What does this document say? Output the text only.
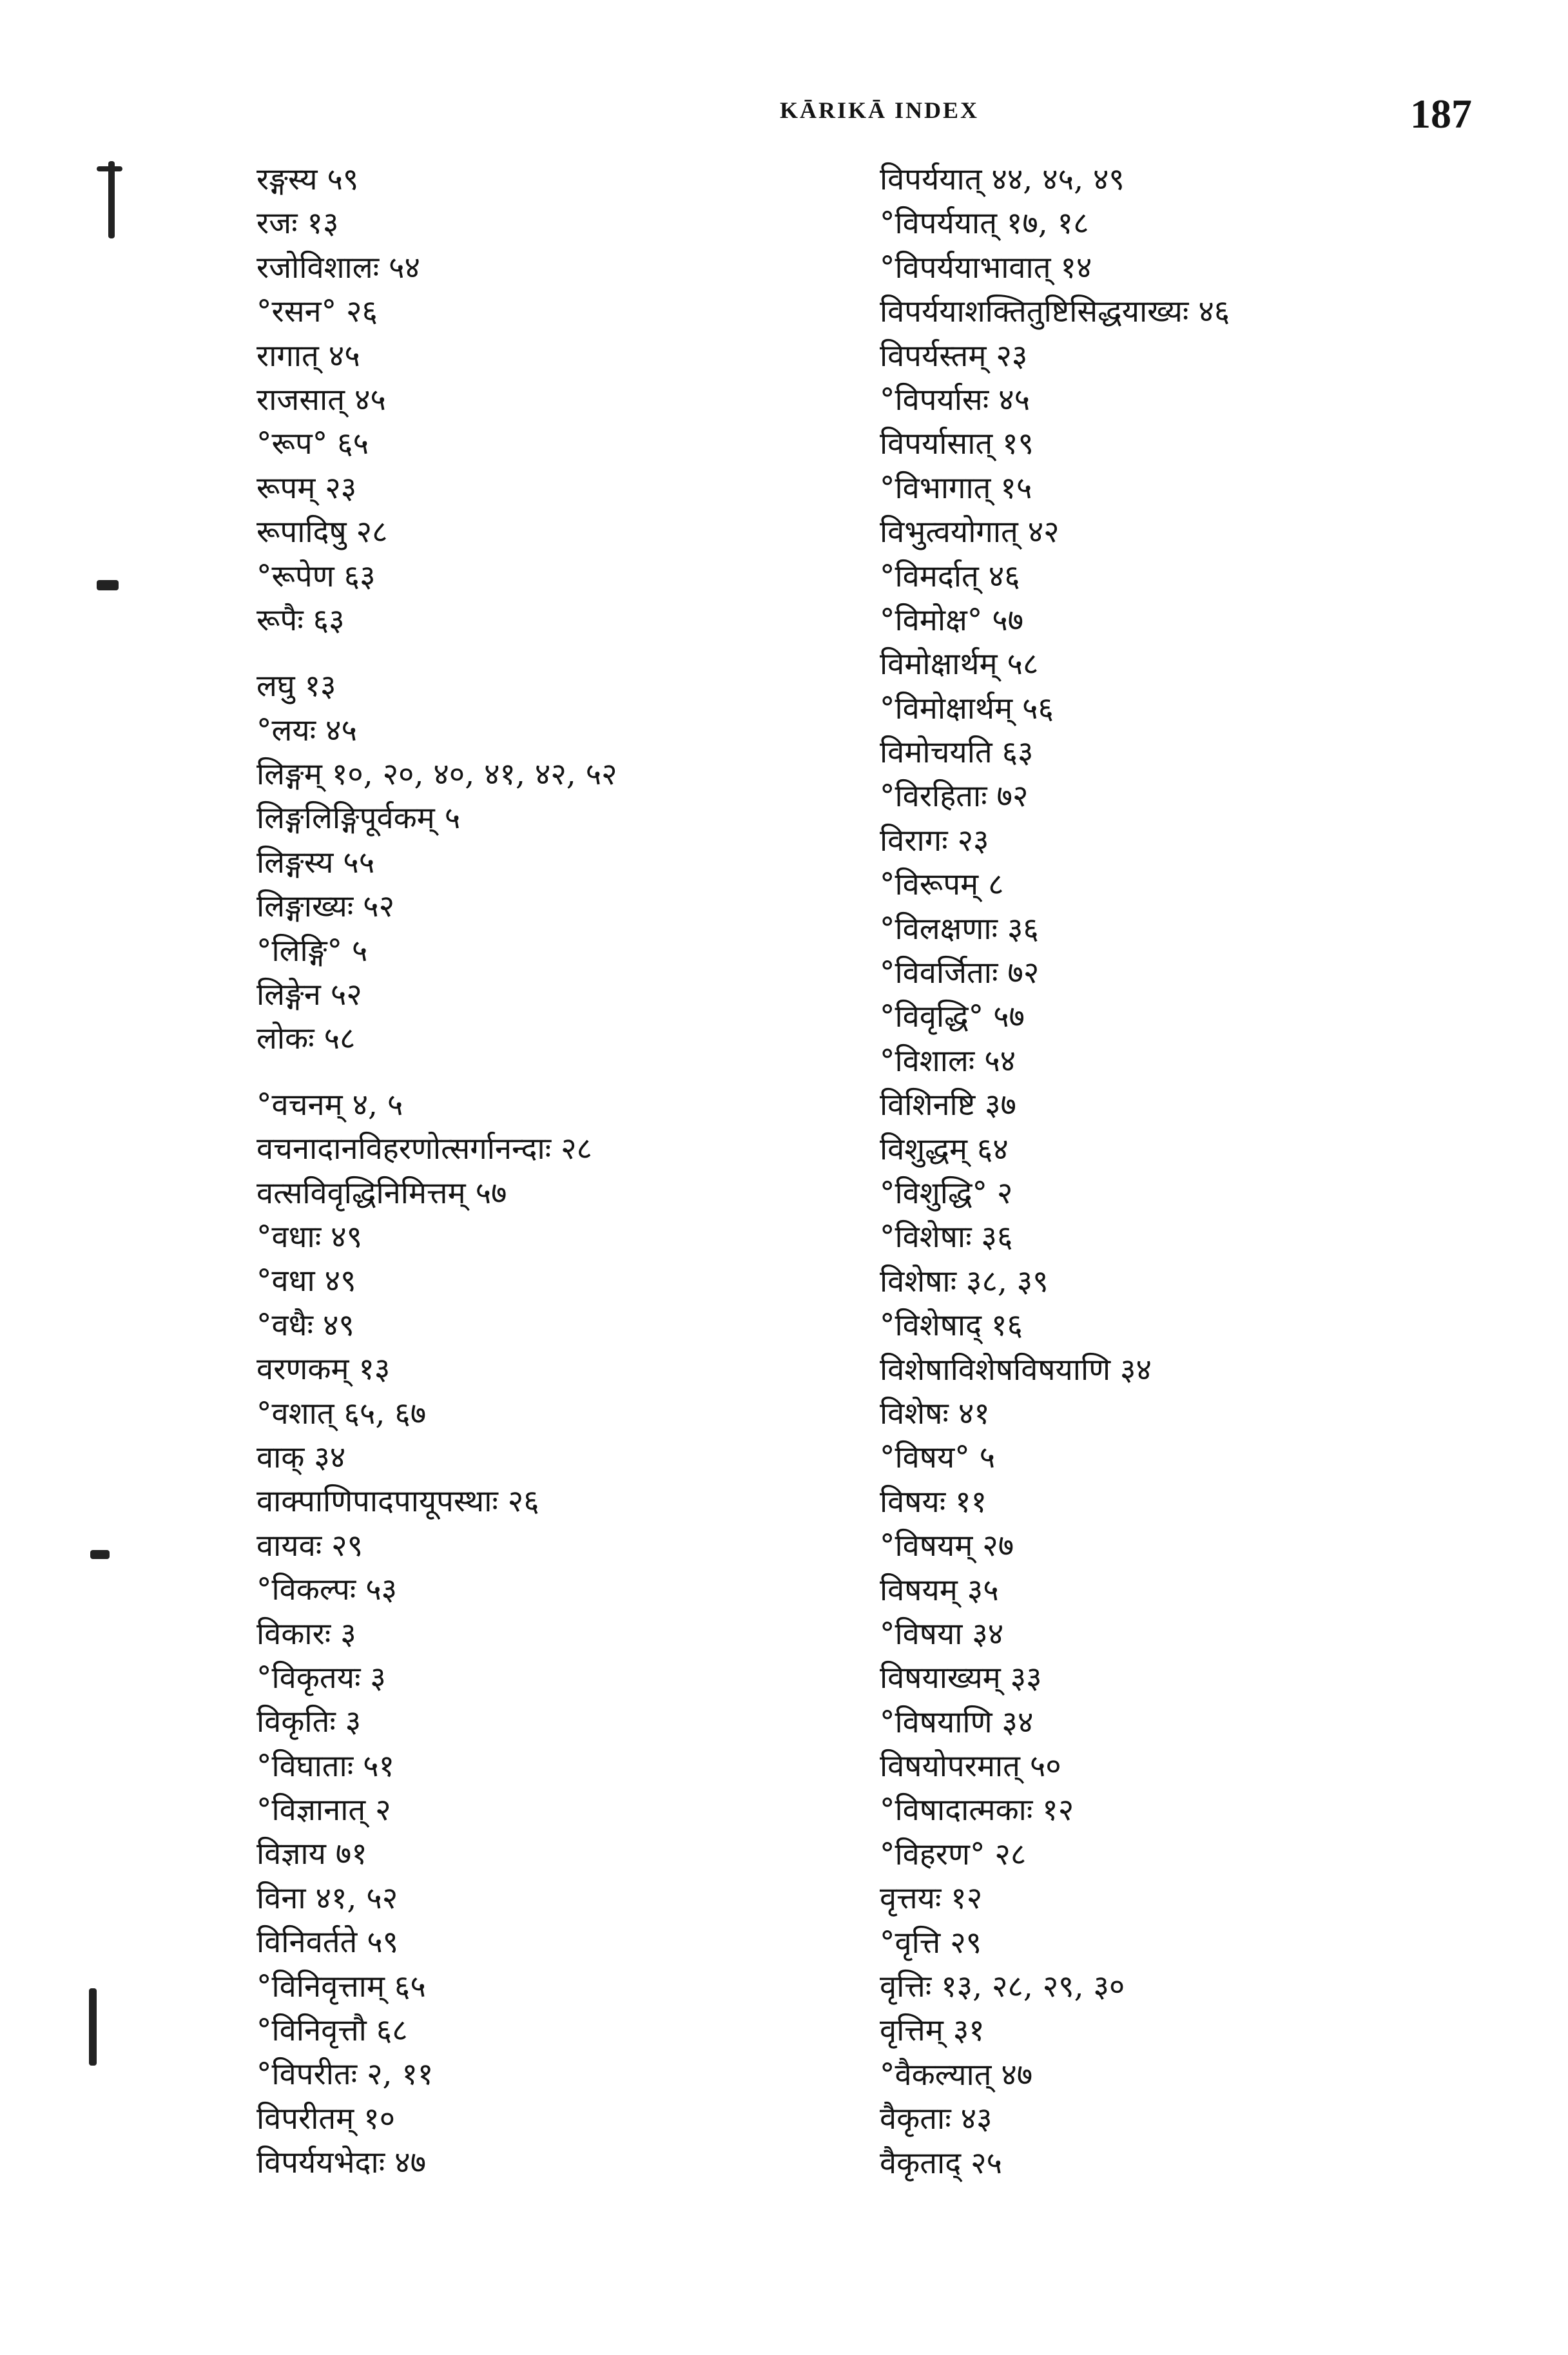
KĀRIKĀ INDEX	187
रङ्गस्य ५९
रजः १३
रजोविशालः ५४
°रसन° २६
रागात् ४५
राजसात् ४५
°रूप° ६५
रूपम् २३
रूपादिषु २८
°रूपेण ६३
रूपैः ६३
लघु १३
°लयः ४५
लिङ्गम् १०, २०, ४०, ४१, ४२, ५२
लिङ्गलिङ्गिपूर्वकम् ५
लिङ्गस्य ५५
लिङ्गाख्यः ५२
°लिङ्गि° ५
लिङ्गेन ५२
लोकः ५८
°वचनम् ४, ५
वचनादानविहरणोत्सर्गानन्दाः २८
वत्सविवृद्धिनिमित्तम् ५७
°वधाः ४९
°वधा ४९
°वधैः ४९
वरणकम् १३
°वशात् ६५, ६७
वाक् ३४
वाक्पाणिपादपायूपस्थाः २६
वायवः २९
°विकल्पः ५३
विकारः ३
°विकृतयः ३
विकृतिः ३
°विघाताः ५१
°विज्ञानात् २
विज्ञाय ७१
विना ४१, ५२
विनिवर्तते ५९
°विनिवृत्ताम् ६५
°विनिवृत्तौ ६८
°विपरीतः २, ११
विपरीतम् १०
विपर्ययभेदाः ४७
विपर्ययात् ४४, ४५, ४९
°विपर्ययात् १७, १८
°विपर्ययाभावात् १४
विपर्ययाशक्तितुष्टिसिद्धयाख्यः ४६
विपर्यस्तम् २३
°विपर्यासः ४५
विपर्यासात् १९
°विभागात् १५
विभुत्वयोगात् ४२
°विमर्दात् ४६
°विमोक्ष° ५७
विमोक्षार्थम् ५८
°विमोक्षार्थम् ५६
विमोचयति ६३
°विरहिताः ७२
विरागः २३
°विरूपम् ८
°विलक्षणाः ३६
°विवर्जिताः ७२
°विवृद्धि° ५७
°विशालः ५४
विशिनष्टि ३७
विशुद्धम् ६४
°विशुद्धि° २
°विशेषाः ३६
विशेषाः ३८, ३९
°विशेषाद् १६
विशेषाविशेषविषयाणि ३४
विशेषः ४१
°विषय° ५
विषयः ११
°विषयम् २७
विषयम् ३५
°विषया ३४
विषयाख्यम् ३३
°विषयाणि ३४
विषयोपरमात् ५०
°विषादात्मकाः १२
°विहरण° २८
वृत्तयः १२
°वृत्ति २९
वृत्तिः १३, २८, २९, ३०
वृत्तिम् ३१
°वैकल्यात् ४७
वैकृताः ४३
वैकृताद् २५
